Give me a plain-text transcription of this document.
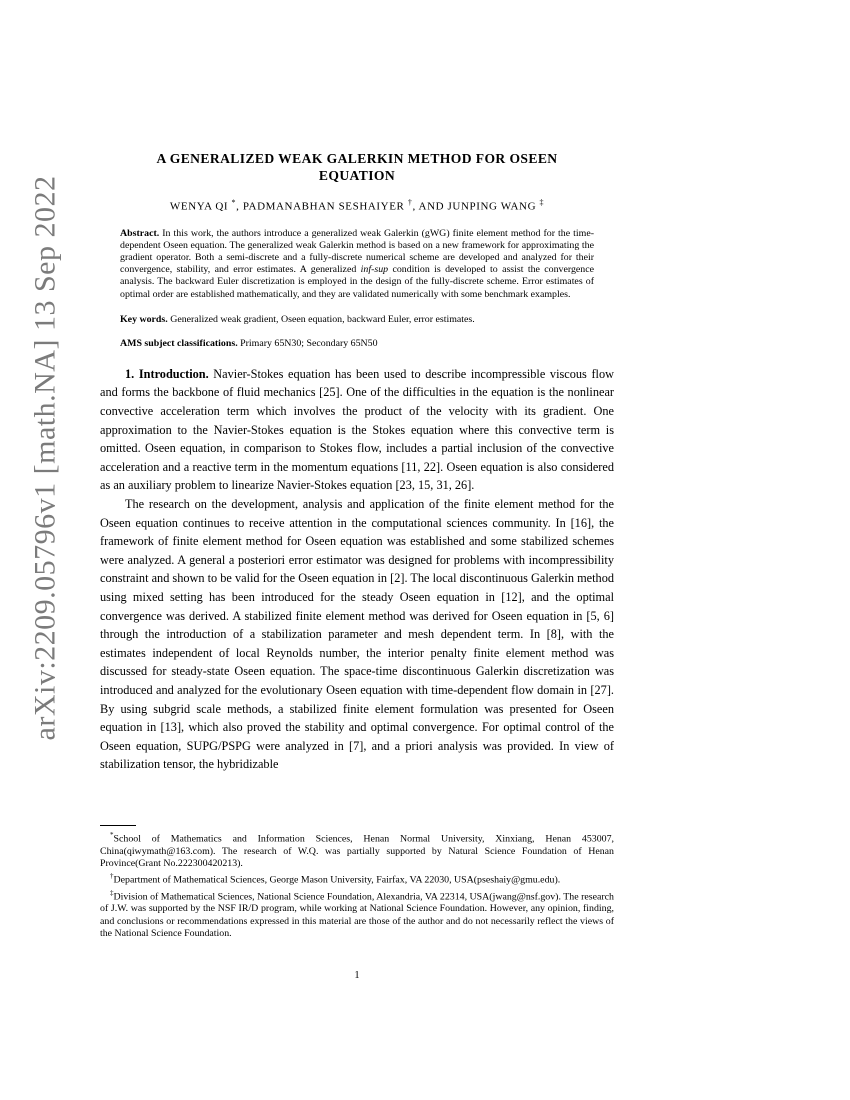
arXiv:2209.05796v1 [math.NA] 13 Sep 2022
A GENERALIZED WEAK GALERKIN METHOD FOR OSEEN
EQUATION

WENYA QI *, PADMANABHAN SESHAIYER †, AND JUNPING WANG ‡

Abstract. In this work, the authors introduce a generalized weak Galerkin (gWG) finite element method for the time-dependent Oseen equation. The generalized weak Galerkin method is based on a new framework for approximating the gradient operator. Both a semi-discrete and a fully-discrete numerical scheme are developed and analyzed for their convergence, stability, and error estimates. A generalized inf-sup condition is developed to assist the convergence analysis. The backward Euler discretization is employed in the design of the fully-discrete scheme. Error estimates of optimal order are established mathematically, and they are validated numerically with some benchmark examples.

Key words. Generalized weak gradient, Oseen equation, backward Euler, error estimates.

AMS subject classifications. Primary 65N30; Secondary 65N50

1. Introduction. Navier-Stokes equation has been used to describe incompressible viscous flow and forms the backbone of fluid mechanics [25]. One of the difficulties in the equation is the nonlinear convective acceleration term which involves the product of the velocity with its gradient. One approximation to the Navier-Stokes equation is the Stokes equation where this convective term is omitted. Oseen equation, in comparison to Stokes flow, includes a partial inclusion of the convective acceleration and a reactive term in the momentum equations [11, 22]. Oseen equation is also considered as an auxiliary problem to linearize Navier-Stokes equation [23, 15, 31, 26].

The research on the development, analysis and application of the finite element method for the Oseen equation continues to receive attention in the computational sciences community. In [16], the framework of finite element method for Oseen equation was established and some stabilized schemes were analyzed. A general a posteriori error estimator was designed for problems with incompressibility constraint and shown to be valid for the Oseen equation in [2]. The local discontinuous Galerkin method using mixed setting has been introduced for the steady Oseen equation in [12], and the optimal convergence was derived. A stabilized finite element method was derived for Oseen equation in [5, 6] through the introduction of a stabilization parameter and mesh dependent term. In [8], with the estimates independent of local Reynolds number, the interior penalty finite element method was discussed for steady-state Oseen equation. The space-time discontinuous Galerkin discretization was introduced and analyzed for the evolutionary Oseen equation with time-dependent flow domain in [27]. By using subgrid scale methods, a stabilized finite element formulation was presented for Oseen equation in [13], which also proved the stability and optimal convergence. For optimal control of the Oseen equation, SUPG/PSPG were analyzed in [7], and a priori analysis was provided. In view of stabilization tensor, the hybridizable

*School of Mathematics and Information Sciences, Henan Normal University, Xinxiang, Henan 453007, China(qiwymath@163.com). The research of W.Q. was partially supported by Natural Science Foundation of Henan Province(Grant No.222300420213).

†Department of Mathematical Sciences, George Mason University, Fairfax, VA 22030, USA(pseshaiy@gmu.edu).

‡Division of Mathematical Sciences, National Science Foundation, Alexandria, VA 22314, USA(jwang@nsf.gov). The research of J.W. was supported by the NSF IR/D program, while working at National Science Foundation. However, any opinion, finding, and conclusions or recommendations expressed in this material are those of the author and do not necessarily reflect the views of the National Science Foundation.

1
